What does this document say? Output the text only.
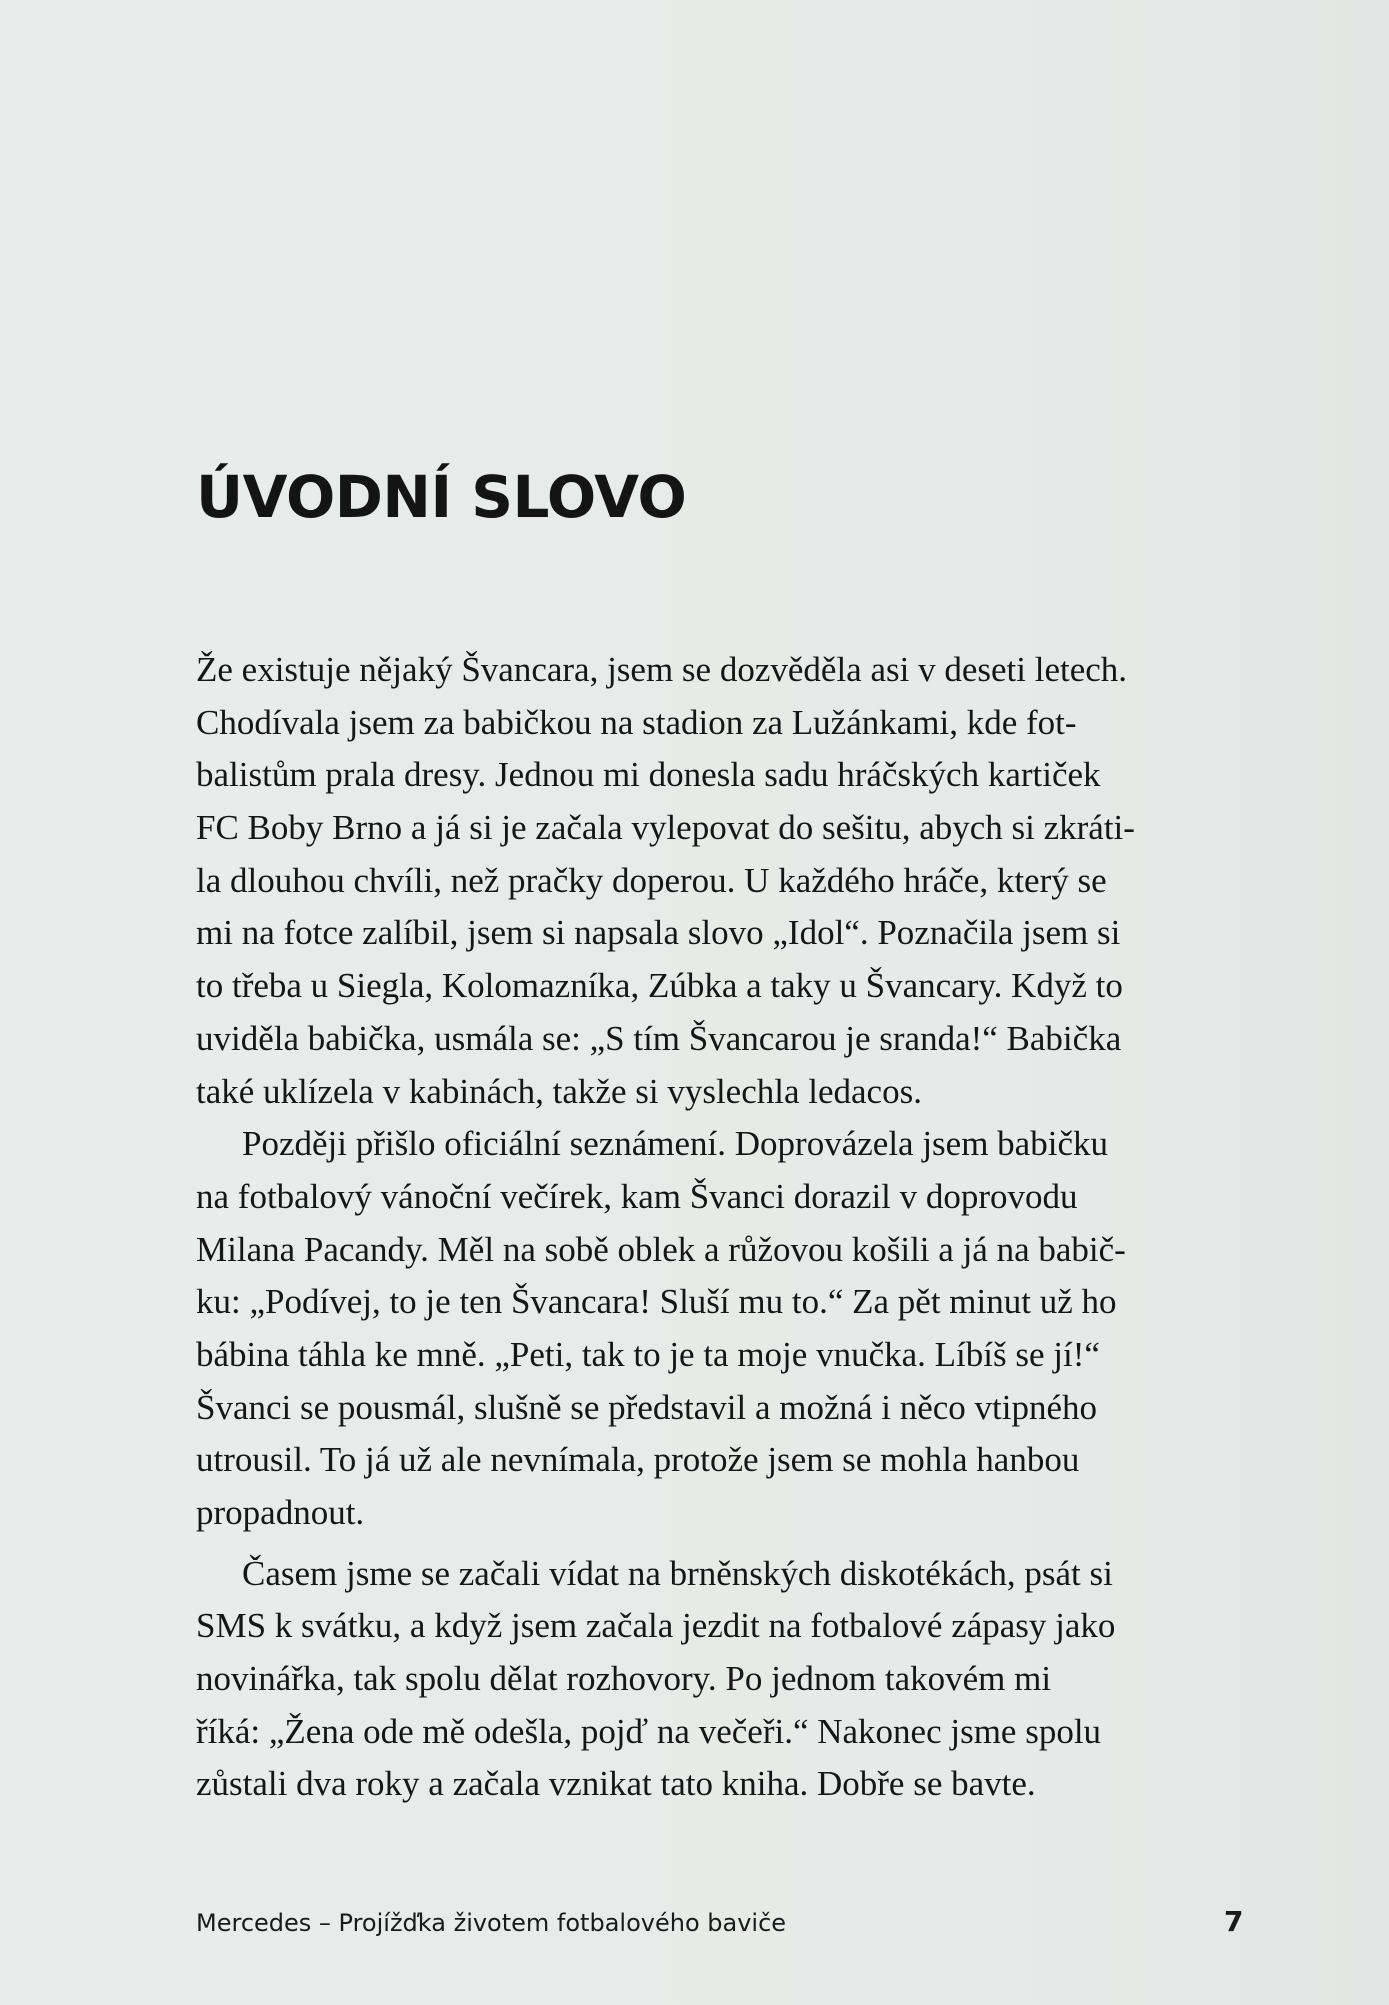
ÚVODNÍ SLOVO
Že existuje nějaký Švancara, jsem se dozvěděla asi v deseti letech.
Chodívala jsem za babičkou na stadion za Lužánkami, kde fot-
balistům prala dresy. Jednou mi donesla sadu hráčských kartiček
FC Boby Brno a já si je začala vylepovat do sešitu, abych si zkráti-
la dlouhou chvíli, než pračky doperou. U každého hráče, který se
mi na fotce zalíbil, jsem si napsala slovo „Idol“. Poznačila jsem si
to třeba u Siegla, Kolomazníka, Zúbka a taky u Švancary. Když to
uviděla babička, usmála se: „S tím Švancarou je sranda!“ Babička
také uklízela v kabinách, takže si vyslechla ledacos.
Později přišlo oficiální seznámení. Doprovázela jsem babičku
na fotbalový vánoční večírek, kam Švanci dorazil v doprovodu
Milana Pacandy. Měl na sobě oblek a růžovou košili a já na babič-
ku: „Podívej, to je ten Švancara! Sluší mu to.“ Za pět minut už ho
bábina táhla ke mně. „Peti, tak to je ta moje vnučka. Líbíš se jí!“
Švanci se pousmál, slušně se představil a možná i něco vtipného
utrousil. To já už ale nevnímala, protože jsem se mohla hanbou
propadnout.
Časem jsme se začali vídat na brněnských diskotékách, psát si
SMS k svátku, a když jsem začala jezdit na fotbalové zápasy jako
novinářka, tak spolu dělat rozhovory. Po jednom takovém mi
říká: „Žena ode mě odešla, pojď na večeři.“ Nakonec jsme spolu
zůstali dva roky a začala vznikat tato kniha. Dobře se bavte.
Mercedes – Projížďka životem fotbalového baviče	7
